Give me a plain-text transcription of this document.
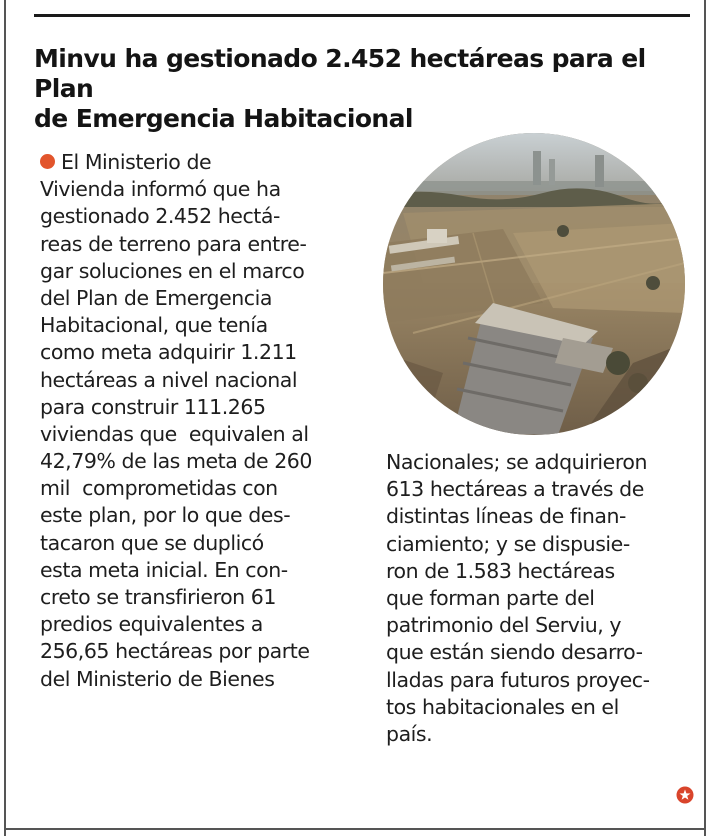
Minvu ha gestionado 2.452 hectáreas para el Plan
de Emergencia Habitacional
El Ministerio de
Vivienda informó que ha
gestionado 2.452 hectá-
reas de terreno para entre-
gar soluciones en el marco
del Plan de Emergencia
Habitacional, que tenía
como meta adquirir 1.211
hectáreas a nivel nacional
para construir 111.265
viviendas que  equivalen al
42,79% de las meta de 260
mil  comprometidas con
este plan, por lo que des-
tacaron que se duplicó
esta meta inicial. En con-
creto se transfirieron 61
predios equivalentes a
256,65 hectáreas por parte
del Ministerio de Bienes
Nacionales; se adquirieron
613 hectáreas a través de
distintas líneas de finan-
ciamiento; y se dispusie-
ron de 1.583 hectáreas
que forman parte del
patrimonio del Serviu, y
que están siendo desarro-
lladas para futuros proyec-
tos habitacionales en el
país.
